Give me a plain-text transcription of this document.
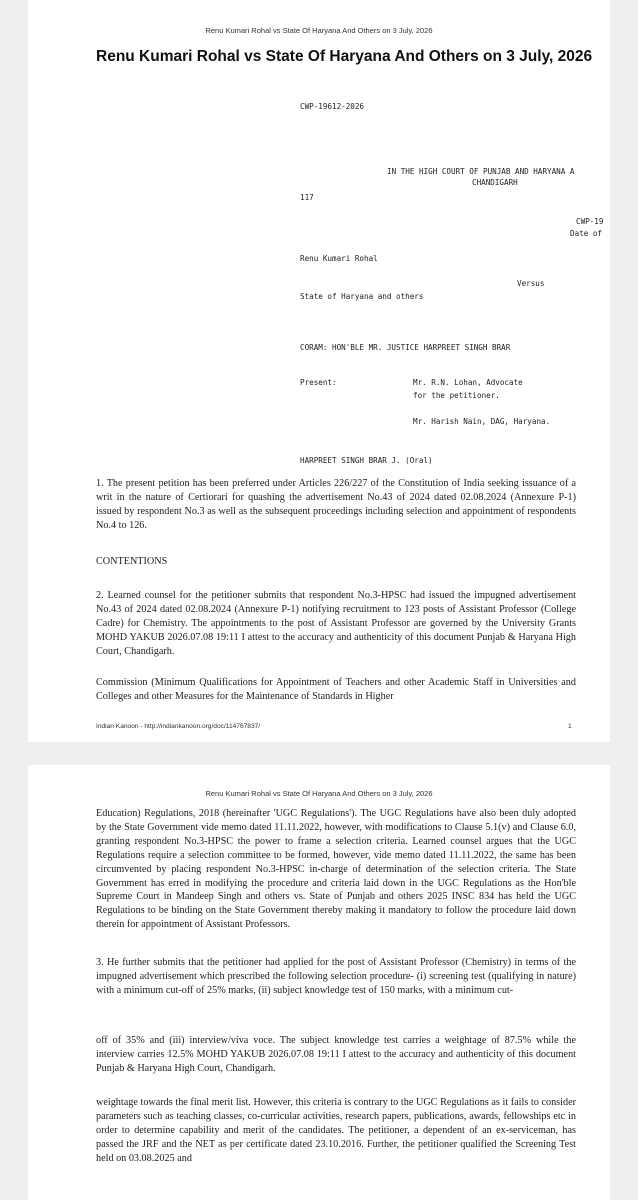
Renu Kumari Rohal vs State Of Haryana And Others on 3 July, 2026
Renu Kumari Rohal vs State Of Haryana And Others on 3 July, 2026
CWP-19612-2026
IN THE HIGH COURT OF PUNJAB AND HARYANA A
CHANDIGARH
117
CWP-19
Date of
Renu Kumari Rohal
Versus
State of Haryana and others
CORAM: HON'BLE MR. JUSTICE HARPREET SINGH BRAR
Present:	Mr. R.N. Lohan, Advocate
for the petitioner.
Mr. Harish Nain, DAG, Haryana.
HARPREET SINGH BRAR J. (Oral)
1. The present petition has been preferred under Articles 226/227 of the Constitution of India seeking issuance of a writ in the nature of Certiorari for quashing the advertisement No.43 of 2024 dated 02.08.2024 (Annexure P-1) issued by respondent No.3 as well as the subsequent proceedings including selection and appointment of respondents No.4 to 126.
CONTENTIONS
2. Learned counsel for the petitioner submits that respondent No.3-HPSC had issued the impugned advertisement No.43 of 2024 dated 02.08.2024 (Annexure P-1) notifying recruitment to 123 posts of Assistant Professor (College Cadre) for Chemistry. The appointments to the post of Assistant Professor are governed by the University Grants MOHD YAKUB 2026.07.08 19:11 I attest to the accuracy and authenticity of this document Punjab & Haryana High Court, Chandigarh.
Commission (Minimum Qualifications for Appointment of Teachers and other Academic Staff in Universities and Colleges and other Measures for the Maintenance of Standards in Higher
Indian Kanoon - http://indiankanoon.org/doc/114767837/	1
Renu Kumari Rohal vs State Of Haryana And Others on 3 July, 2026
Education) Regulations, 2018 (hereinafter 'UGC Regulations'). The UGC Regulations have also been duly adopted by the State Government vide memo dated 11.11.2022, however, with modifications to Clause 5.1(v) and Clause 6.0, granting respondent No.3-HPSC the power to frame a selection criteria. Learned counsel argues that the UGC Regulations require a selection committee to be formed, however, vide memo dated 11.11.2022, the same has been circumvented by placing respondent No.3-HPSC in-charge of determination of the selection criteria. The State Government has erred in modifying the procedure and criteria laid down in the UGC Regulations as the Hon'ble Supreme Court in Mandeep Singh and others vs. State of Punjab and others 2025 INSC 834 has held the UGC Regulations to be binding on the State Government thereby making it mandatory to follow the procedure laid down therein for appointment of Assistant Professors.
3. He further submits that the petitioner had applied for the post of Assistant Professor (Chemistry) in terms of the impugned advertisement which prescribed the following selection procedure- (i) screening test (qualifying in nature) with a minimum cut-off of 25% marks, (ii) subject knowledge test of 150 marks, with a minimum cut-
off of 35% and (iii) interview/viva voce. The subject knowledge test carries a weightage of 87.5% while the interview carries 12.5% MOHD YAKUB 2026.07.08 19:11 I attest to the accuracy and authenticity of this document Punjab & Haryana High Court, Chandigarh.
weightage towards the final merit list. However, this criteria is contrary to the UGC Regulations as it fails to consider parameters such as teaching classes, co-curricular activities, research papers, publications, awards, fellowships etc in order to determine capability and merit of the candidates. The petitioner, a dependent of an ex-serviceman, has passed the JRF and the NET as per certificate dated 23.10.2016. Further, the petitioner qualified the Screening Test held on 03.08.2025 and
